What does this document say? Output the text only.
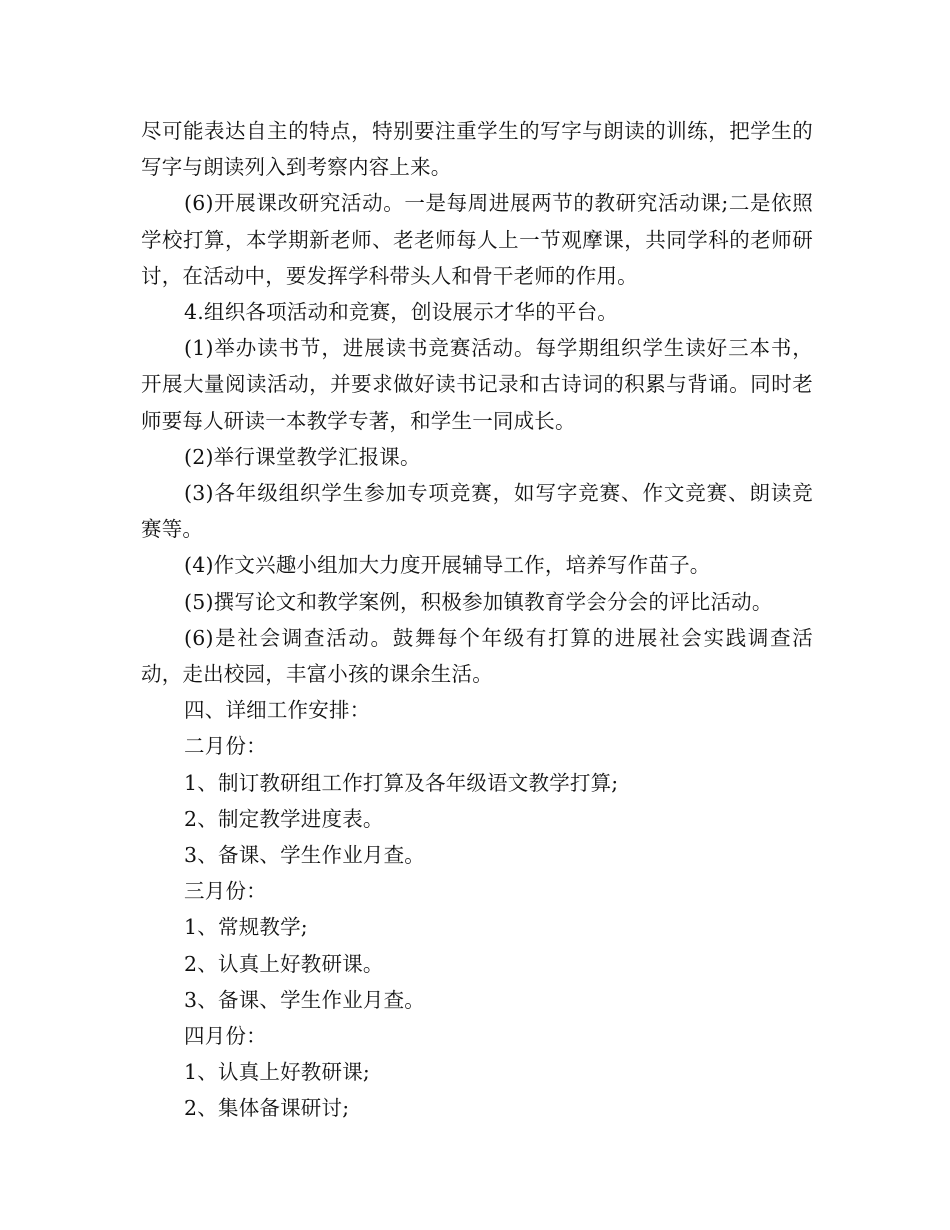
尽可能表达自主的特点，特别要注重学生的写字与朗读的训练，把学生的写字与朗读列入到考察内容上来。

(6)开展课改研究活动。一是每周进展两节的教研究活动课;二是依照学校打算，本学期新老师、老老师每人上一节观摩课，共同学科的老师研讨，在活动中，要发挥学科带头人和骨干老师的作用。

4.组织各项活动和竞赛，创设展示才华的平台。

(1)举办读书节，进展读书竞赛活动。每学期组织学生读好三本书，开展大量阅读活动，并要求做好读书记录和古诗词的积累与背诵。同时老师要每人研读一本教学专著，和学生一同成长。

(2)举行课堂教学汇报课。

(3)各年级组织学生参加专项竞赛，如写字竞赛、作文竞赛、朗读竞赛等。

(4)作文兴趣小组加大力度开展辅导工作，培养写作苗子。

(5)撰写论文和教学案例，积极参加镇教育学会分会的评比活动。

(6)是社会调查活动。鼓舞每个年级有打算的进展社会实践调查活动，走出校园，丰富小孩的课余生活。

四、详细工作安排：

二月份：

1、制订教研组工作打算及各年级语文教学打算;

2、制定教学进度表。

3、备课、学生作业月查。

三月份：

1、常规教学;

2、认真上好教研课。

3、备课、学生作业月查。

四月份：

1、认真上好教研课;

2、集体备课研讨;
